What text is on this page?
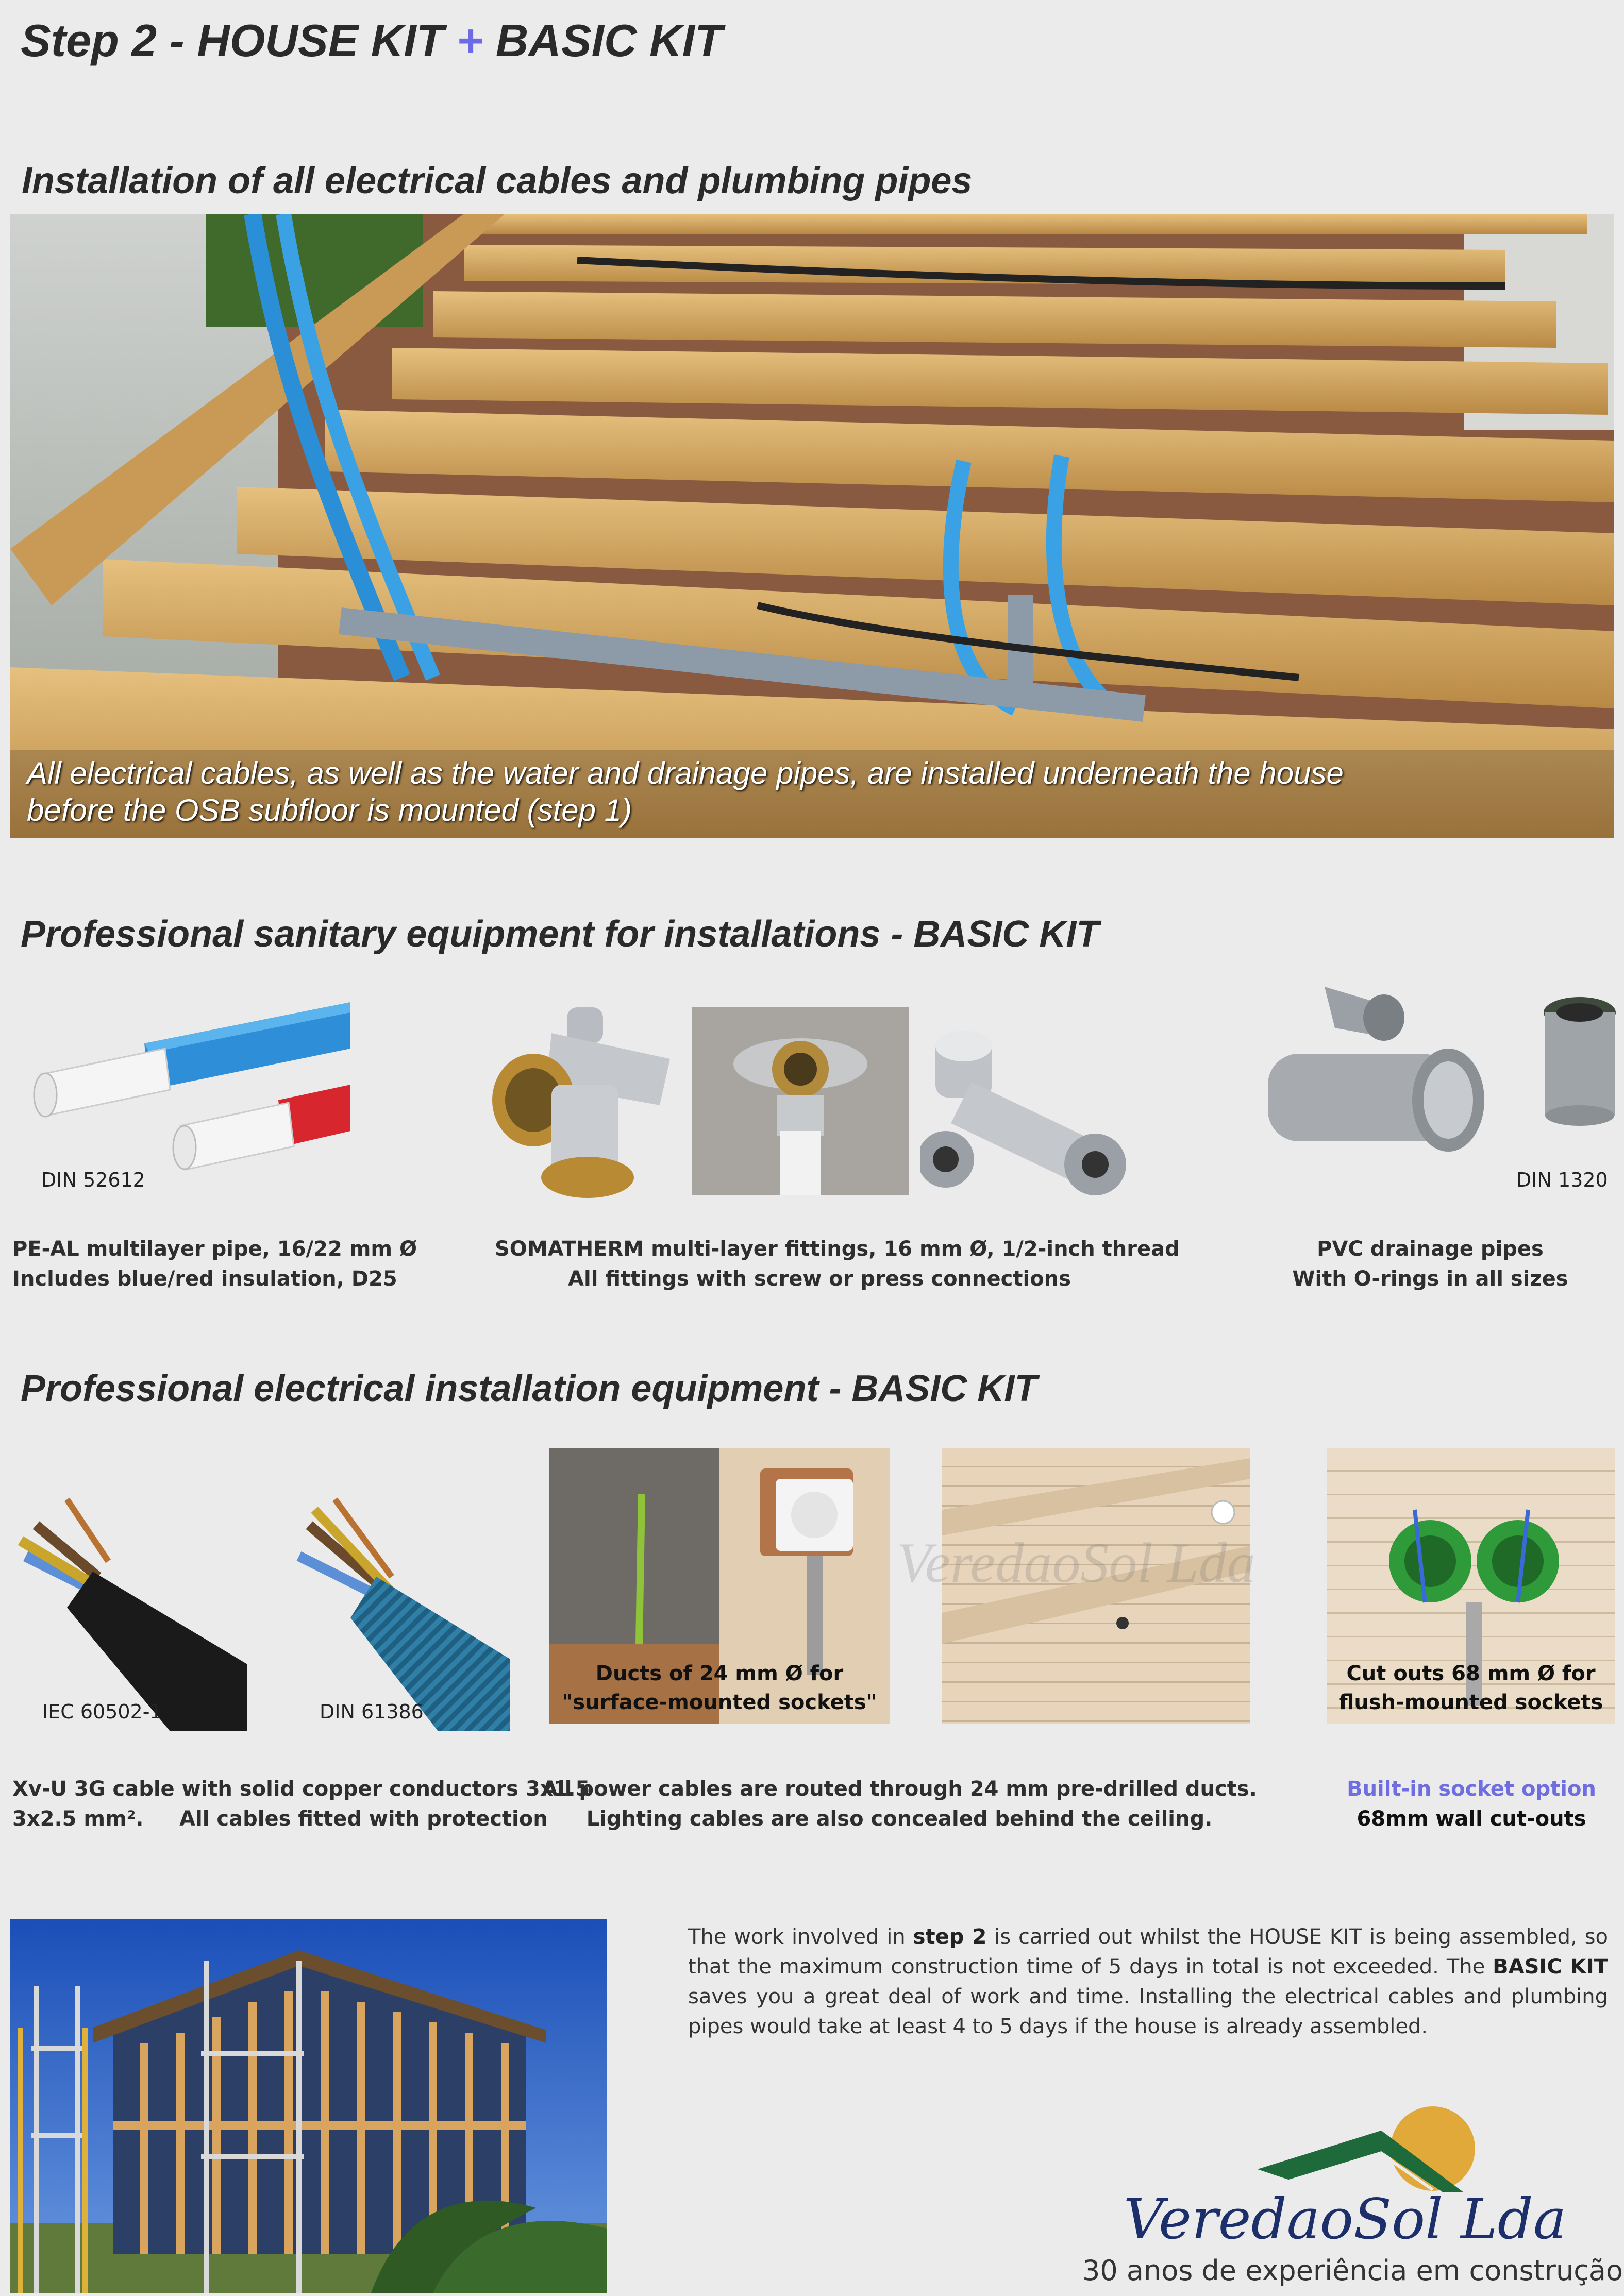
Step 2 - HOUSE KIT + BASIC KIT
Installation of all electrical cables and plumbing pipes
All electrical cables, as well as the water and drainage pipes, are installed underneath the house
before the OSB subfloor is mounted (step 1)
Professional sanitary equipment for installations - BASIC KIT
DIN 52612	DIN 1320
PE-AL multilayer pipe, 16/22 mm Ø
Includes blue/red insulation, D25
SOMATHERM multi-layer fittings, 16 mm Ø, 1/2-inch thread
All fittings with screw or press connections
PVC drainage pipes
With O-rings in all sizes
Professional electrical installation equipment - BASIC KIT
IEC 60502-1	DIN 61386
Ducts of 24 mm Ø for
"surface-mounted sockets"
VeredaoSol Lda
Cut outs 68 mm Ø for
flush-mounted sockets
Xv-U 3G cable with solid copper conductors 3x1.5
3x2.5 mm².     All cables fitted with protection
All power cables are routed through 24 mm pre-drilled ducts.
Lighting cables are also concealed behind the ceiling.
Built-in socket option
68mm wall cut-outs
The work involved in step 2 is carried out whilst the HOUSE KIT is being assembled, so that the maximum construction time of 5 days in total is not exceeded. The BASIC KIT saves you a great deal of work and time. Installing the electrical cables and plumbing pipes would take at least 4 to 5 days if the house is already assembled.
VeredaoSol Lda
30 anos de experiência em construção
